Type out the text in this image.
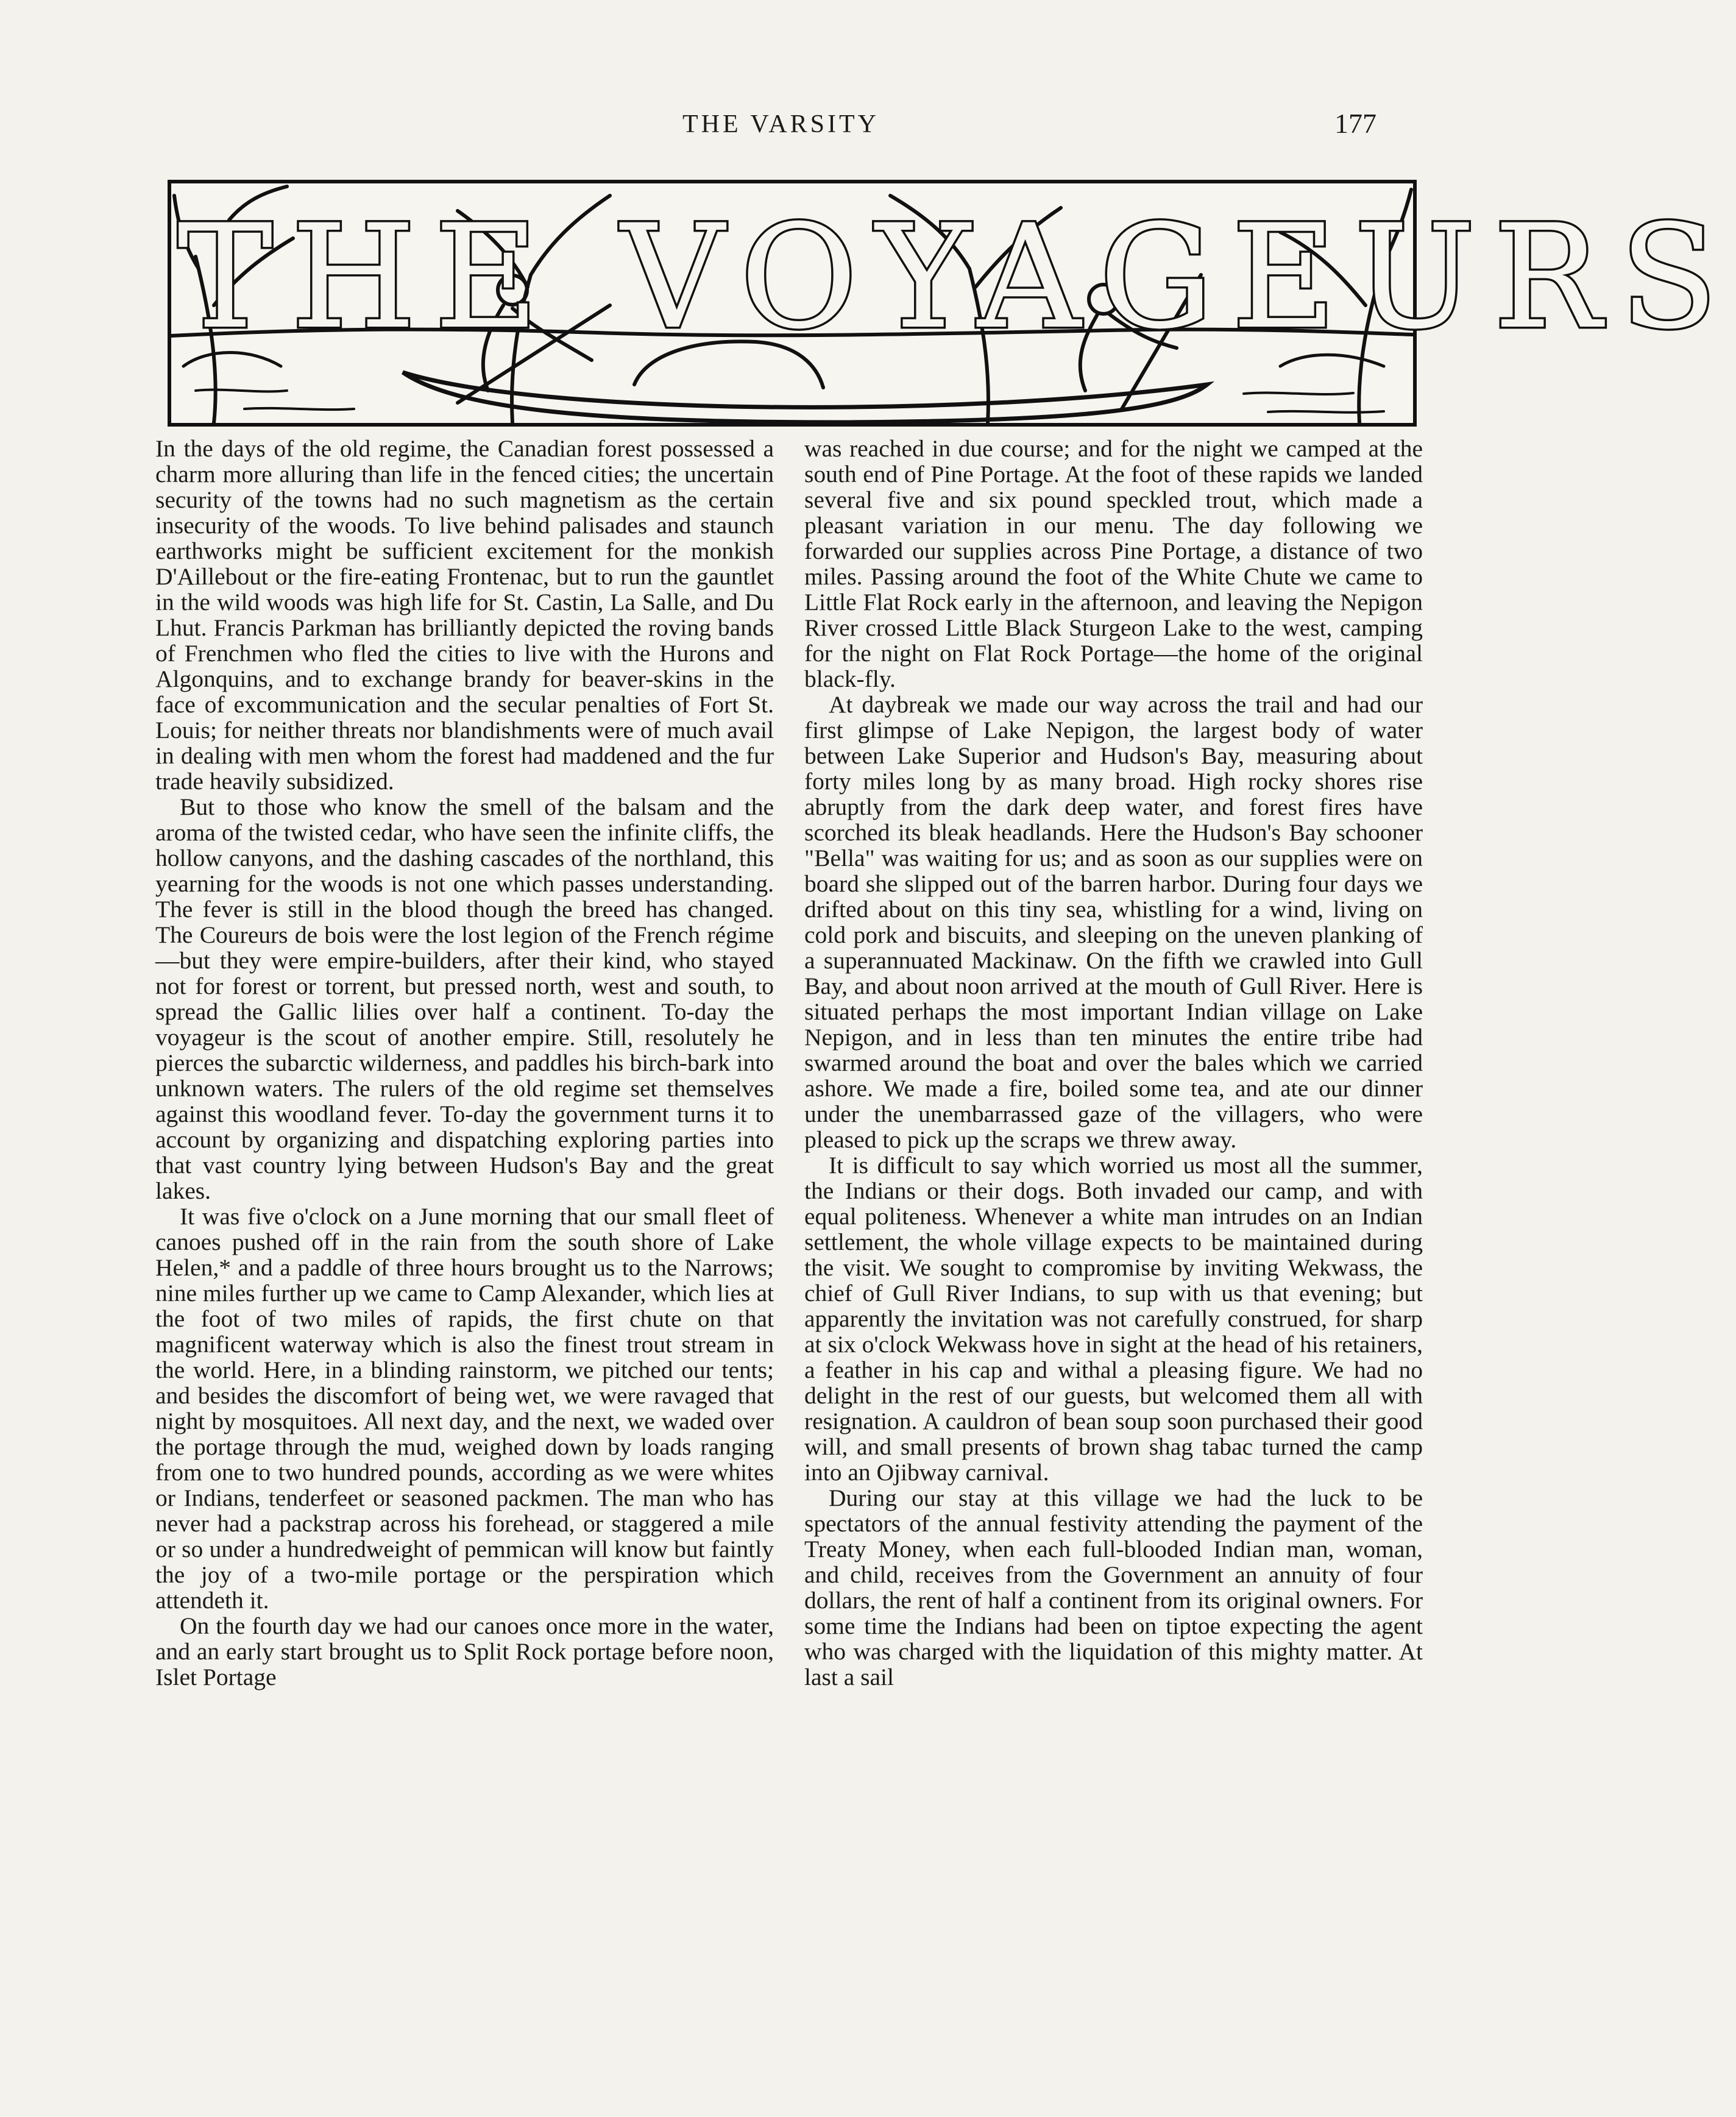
THE VARSITY	177
THE VOYAGEURS

In the days of the old regime, the Canadian forest possessed a charm more alluring than life in the fenced cities; the uncertain security of the towns had no such magnetism as the certain insecurity of the woods. To live behind palisades and staunch earthworks might be sufficient excitement for the monkish D'Aillebout or the fire-eating Frontenac, but to run the gauntlet in the wild woods was high life for St. Castin, La Salle, and Du Lhut. Francis Parkman has brilliantly depicted the roving bands of Frenchmen who fled the cities to live with the Hurons and Algonquins, and to exchange brandy for beaver-skins in the face of excommunication and the secular penalties of Fort St. Louis; for neither threats nor blandishments were of much avail in dealing with men whom the forest had maddened and the fur trade heavily subsidized.

But to those who know the smell of the balsam and the aroma of the twisted cedar, who have seen the infinite cliffs, the hollow canyons, and the dashing cascades of the northland, this yearning for the woods is not one which passes understanding. The fever is still in the blood though the breed has changed. The Coureurs de bois were the lost legion of the French régime—but they were empire-builders, after their kind, who stayed not for forest or torrent, but pressed north, west and south, to spread the Gallic lilies over half a continent. To-day the voyageur is the scout of another empire. Still, resolutely he pierces the subarctic wilderness, and paddles his birch-bark into unknown waters. The rulers of the old regime set themselves against this woodland fever. To-day the government turns it to account by organizing and dispatching exploring parties into that vast country lying between Hudson's Bay and the great lakes.

It was five o'clock on a June morning that our small fleet of canoes pushed off in the rain from the south shore of Lake Helen,* and a paddle of three hours brought us to the Narrows; nine miles further up we came to Camp Alexander, which lies at the foot of two miles of rapids, the first chute on that magnificent waterway which is also the finest trout stream in the world. Here, in a blinding rainstorm, we pitched our tents; and besides the discomfort of being wet, we were ravaged that night by mosquitoes. All next day, and the next, we waded over the portage through the mud, weighed down by loads ranging from one to two hundred pounds, according as we were whites or Indians, tenderfeet or seasoned packmen. The man who has never had a packstrap across his forehead, or staggered a mile or so under a hundredweight of pemmican will know but faintly the joy of a two-mile portage or the perspiration which attendeth it.

On the fourth day we had our canoes once more in the water, and an early start brought us to Split Rock portage before noon, Islet Portage

was reached in due course; and for the night we camped at the south end of Pine Portage. At the foot of these rapids we landed several five and six pound speckled trout, which made a pleasant variation in our menu. The day following we forwarded our supplies across Pine Portage, a distance of two miles. Passing around the foot of the White Chute we came to Little Flat Rock early in the afternoon, and leaving the Nepigon River crossed Little Black Sturgeon Lake to the west, camping for the night on Flat Rock Portage—the home of the original black-fly.

At daybreak we made our way across the trail and had our first glimpse of Lake Nepigon, the largest body of water between Lake Superior and Hudson's Bay, measuring about forty miles long by as many broad. High rocky shores rise abruptly from the dark deep water, and forest fires have scorched its bleak headlands. Here the Hudson's Bay schooner "Bella" was waiting for us; and as soon as our supplies were on board she slipped out of the barren harbor. During four days we drifted about on this tiny sea, whistling for a wind, living on cold pork and biscuits, and sleeping on the uneven planking of a superannuated Mackinaw. On the fifth we crawled into Gull Bay, and about noon arrived at the mouth of Gull River. Here is situated perhaps the most important Indian village on Lake Nepigon, and in less than ten minutes the entire tribe had swarmed around the boat and over the bales which we carried ashore. We made a fire, boiled some tea, and ate our dinner under the unembarrassed gaze of the villagers, who were pleased to pick up the scraps we threw away.

It is difficult to say which worried us most all the summer, the Indians or their dogs. Both invaded our camp, and with equal politeness. Whenever a white man intrudes on an Indian settlement, the whole village expects to be maintained during the visit. We sought to compromise by inviting Wekwass, the chief of Gull River Indians, to sup with us that evening; but apparently the invitation was not carefully construed, for sharp at six o'clock Wekwass hove in sight at the head of his retainers, a feather in his cap and withal a pleasing figure. We had no delight in the rest of our guests, but welcomed them all with resignation. A cauldron of bean soup soon purchased their good will, and small presents of brown shag tabac turned the camp into an Ojibway carnival.

During our stay at this village we had the luck to be spectators of the annual festivity attending the payment of the Treaty Money, when each full-blooded Indian man, woman, and child, receives from the Government an annuity of four dollars, the rent of half a continent from its original owners. For some time the Indians had been on tiptoe expecting the agent who was charged with the liquidation of this mighty matter. At last a sail
